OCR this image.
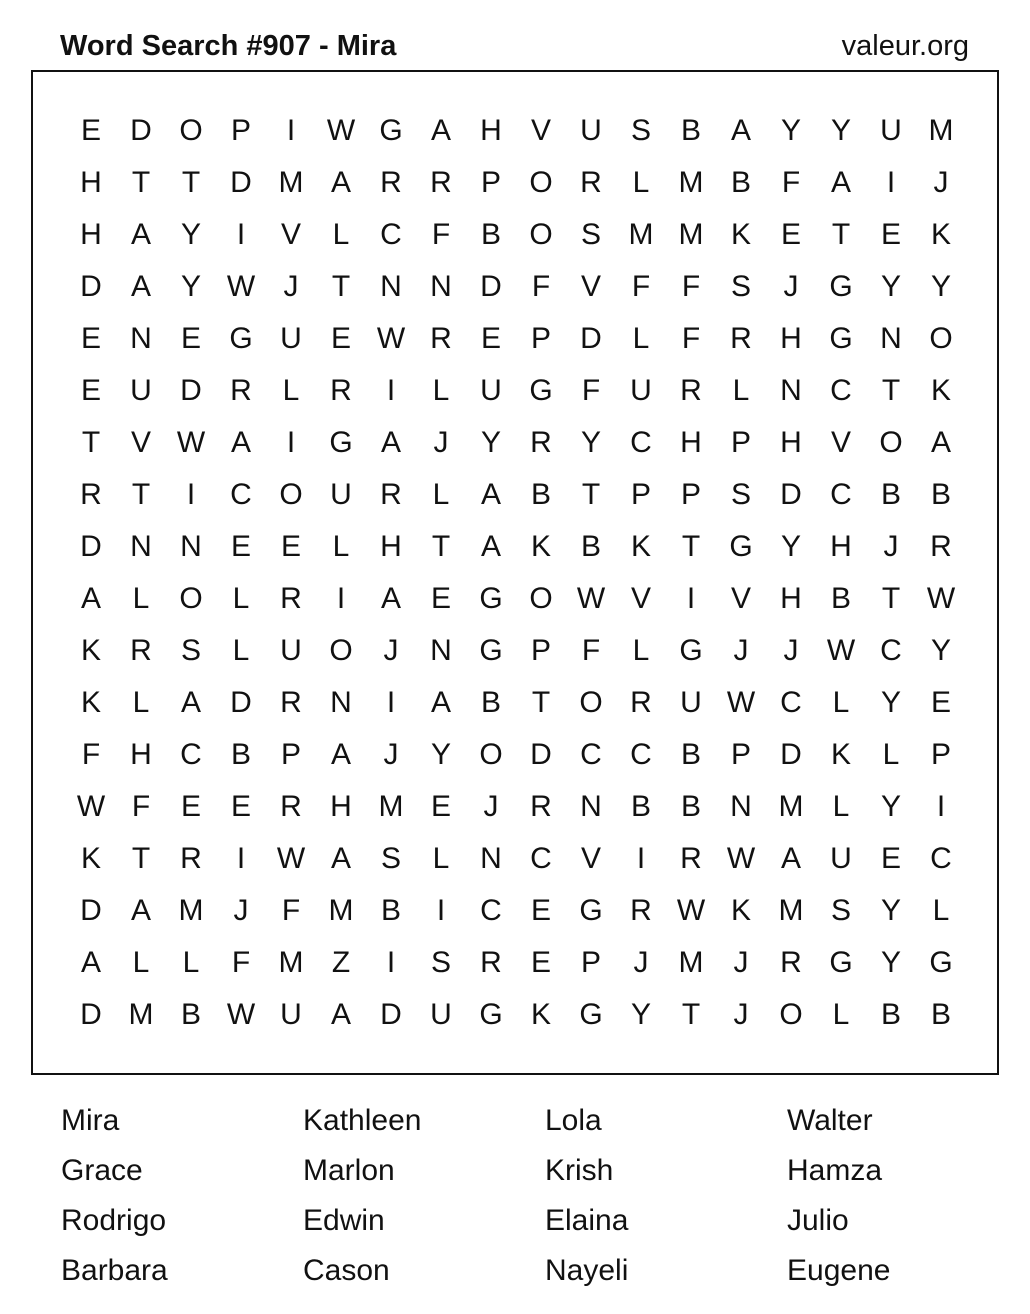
Word Search #907 - Mira	valeur.org
E D O P	I	W G A H V U S B A Y Y U M
H	T	T	D M A R R P O R	L M B	F	A	I	J
H A Y	I	V	L	C	F	B O S M M K E	T	E K
D A Y W J	T	N N D	F	V	F	F	S	J	G Y Y
E N E G U E W R E P D	L	F	R H G N O
E U D R	L	R	I	L	U G F	U R	L	N C	T	K
T	V W A	I	G A	J	Y R Y C H P H V O A
R	T	I	C O U R	L	A B	T	P P S D C B B
D N N E E	L	H	T	A K B K	T G Y H	J	R
A	L O L	R	I	A E G O W V	I	V H B	T W
K R S	L	U O	J	N G P	F	L G	J	J W C Y
K	L	A D R N	I	A B	T O R U W C	L	Y E
F	H C B P A	J	Y O D C C B P D K	L	P
W F	E E R H M E	J	R N B B N M L	Y	I
K	T	R	I	W A S	L	N C V	I	R W A U E C
D A M	J	F M B	I	C E G R W K M S Y	L
A	L	L	F M Z	I	S R E P	J	M	J	R G Y G
D M B W U A D U G K G Y	T	J	O L	B B
Mira	Kathleen	Lola	Walter
Grace	Marlon	Krish	Hamza
Rodrigo	Edwin	Elaina	Julio
Barbara	Cason	Nayeli	Eugene
